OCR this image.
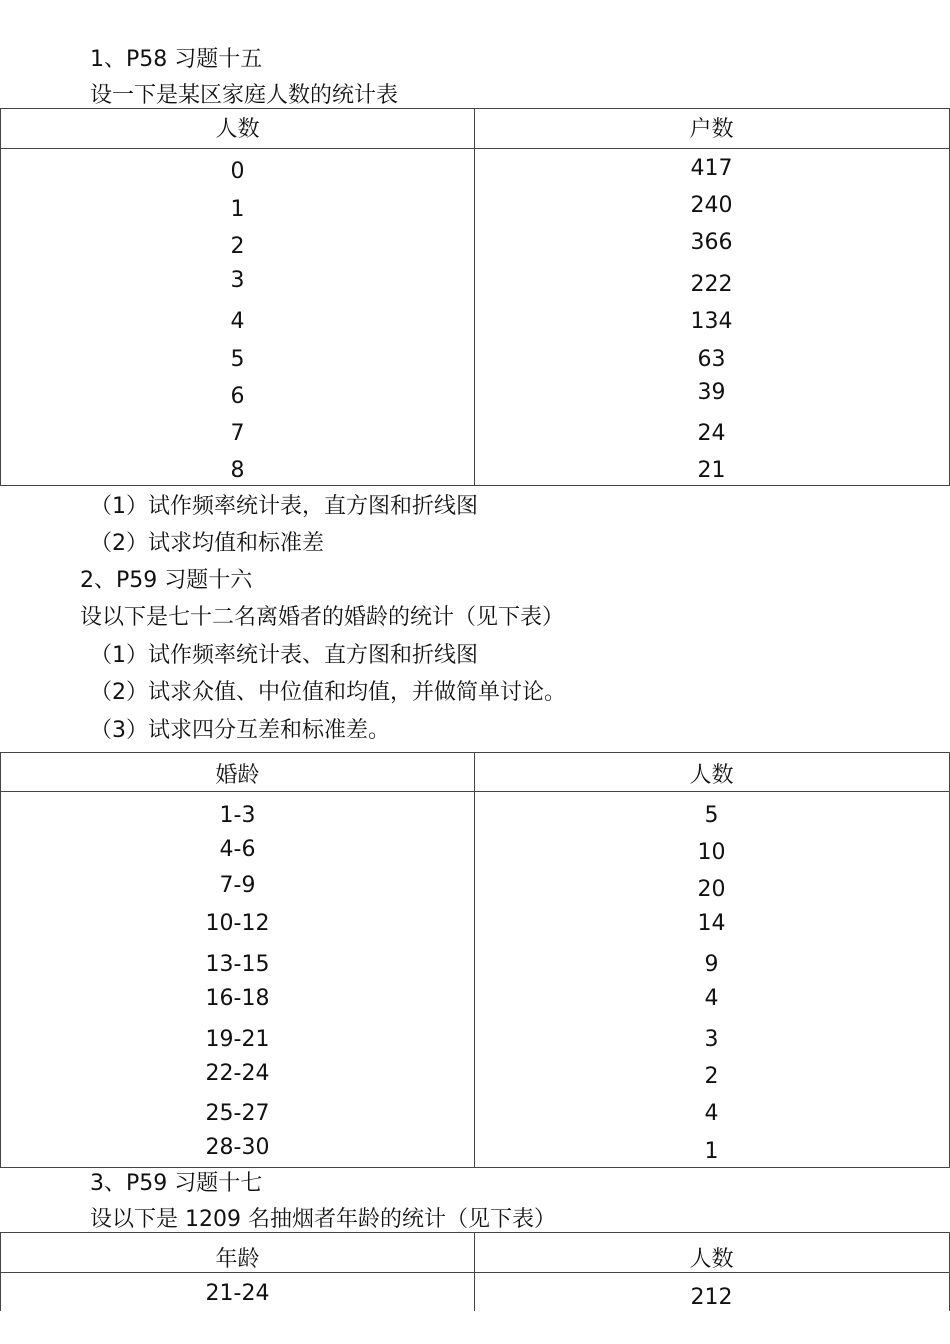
1、P58 习题十五
设一下是某区家庭人数的统计表
人数	户数
0	417
1	240
2	366
3	222
4	134
5	63
6	39
7	24
8	21
（1）试作频率统计表，直方图和折线图
（2）试求均值和标准差
2、P59 习题十六
设以下是七十二名离婚者的婚龄的统计（见下表）
（1）试作频率统计表、直方图和折线图
（2）试求众值、中位值和均值，并做简单讨论。
（3）试求四分互差和标准差。
婚龄	人数
1-3	5
4-6	10
7-9	20
10-12	14
13-15	9
16-18	4
19-21	3
22-24	2
25-27	4
28-30	1
3、P59 习题十七
设以下是 1209 名抽烟者年龄的统计（见下表）
年龄	人数
21-24	212
